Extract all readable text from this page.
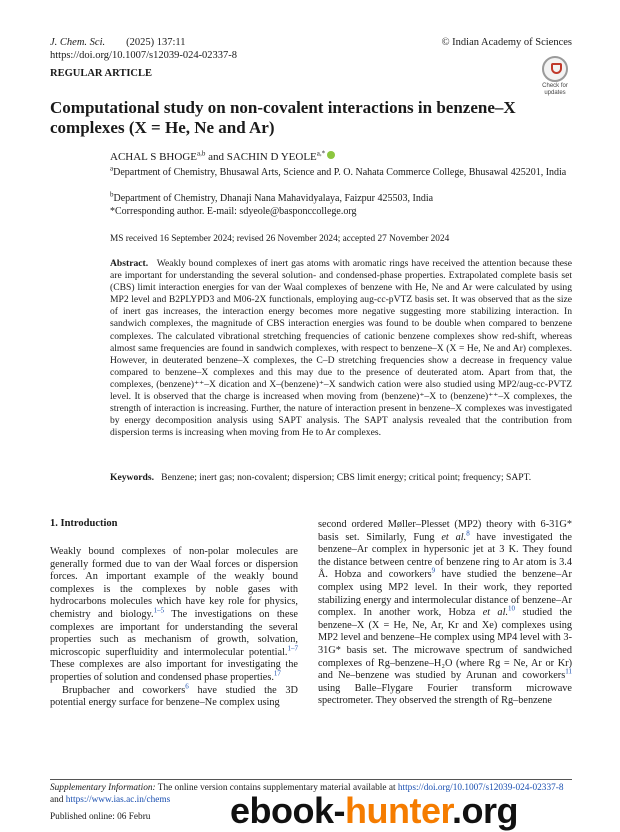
J. Chem. Sci. (2025) 137:11
https://doi.org/10.1007/s12039-024-02337-8
© Indian Academy of Sciences
REGULAR ARTICLE
Check for
updates
Computational study on non-covalent interactions in benzene–X
complexes (X = He, Ne and Ar)
ACHAL S BHOGE$^{a,b}$ and SACHIN D $YEOLE^{a,*}$
$^a$Department of Chemistry, Bhusawal Arts, Science and P. O. Nahata Commerce College, Bhusawal 425201, India
$^b$Department of Chemistry, Dhanaji Nana Mahavidyalaya, Faizpur 425503, India
*Corresponding author. E-mail: sdyeole@basponccollege.org
MS received 16 September 2024; revised 26 November 2024; accepted 27 November 2024
Abstract. Weakly bound complexes of inert gas atoms with aromatic rings have received the attention because these are important for understanding the several solution- and condensed-phase properties. Extrapolated complete basis set (CBS) limit interaction energies for van der Waal complexes of benzene with He, Ne and Ar were calculated by using MP2 level and B2PLYPD3 and M06-2X functionals, employing aug-cc-pVTZ basis set. It was observed that as the size of inert gas increases, the interaction energy becomes more negative suggesting more stabilizing interaction. In sandwich complexes, the magnitude of CBS interaction energies was found to be double when compared to benzene complexes. The calculated vibrational stretching frequencies of cationic benzene complexes show red-shift, whereas almost same frequencies are found in sandwich complexes, with respect to benzene–X (X = He, Ne and Ar) complexes. However, in deuterated benzene–X complexes, the C–D stretching frequencies show a decrease in frequency value compared to benzene–X complexes and this may due to the presence of deuterated atom. Apart from that, the complexes, (benzene)⁺⁺–X dication and X–(benzene)⁺–X sandwich cation were also studied using MP2/aug-cc-PVTZ level. It is observed that the charge is increased when moving from (benzene)⁺–X to (benzene)⁺⁺–X complexes, the strength of interaction is increasing. Further, the nature of interaction present in benzene–X complexes was investigated by energy decomposition analysis using SAPT analysis. The SAPT analysis revealed that the contribution from dispersion terms is increasing when moving from He to Ar complexes.
Keywords. Benzene; inert gas; non-covalent; dispersion; CBS limit energy; critical point; frequency; SAPT.
1. Introduction
Weakly bound complexes of non-polar molecules are generally formed due to van der Waal forces or dispersion forces. An important example of the weakly bound complexes is the complexes by noble gases with hydrocarbons molecules which have key role for physics, chemistry and biology.$^{1-5}$ The investigations on these complexes are important for understanding the several properties such as mechanism of growth, solvation, microscopic superfluidity and intermolecular potential.$^{1-7}$ These complexes are also important for investigating the properties of solution and condensed phase properties.$^{17}$
Brupbacher and coworkers$^6$ have studied the 3D potential energy surface for benzene–Ne complex using
second ordered Møller–Plesset (MP2) theory with 6-31G* basis set. Similarly, Fung et al.$^8$ have investigated the benzene–Ar complex in hypersonic jet at 3 K. They found the distance between centre of benzene ring to Ar atom is 3.4 Å. Hobza and coworkers$^9$ have studied the benzene–Ar complex using MP2 level. In their work, they reported stabilizing energy and intermolecular distance of benzene–Ar complex. In another work, Hobza et al.$^{10}$ studied the benzene–X (X = He, Ne, Ar, Kr and Xe) complexes using MP2 level and benzene–He complex using MP4 level with 3-31G* basis set. The microwave spectrum of sandwiched complexes of Rg–benzene–H₂O (where Rg = Ne, Ar or Kr) and Ne–benzene was studied by Arunan and coworkers$^{11}$ using Balle–Flygare Fourier transform microwave spectrometer. They observed the strength of Rg–benzene
Supplementary Information: The online version contains supplementary material available at https://doi.org/10.1007/s12039-024-02337-8 and https://www.ias.ac.in/chems
Published online: 06 Febru ebook-hunter.org
